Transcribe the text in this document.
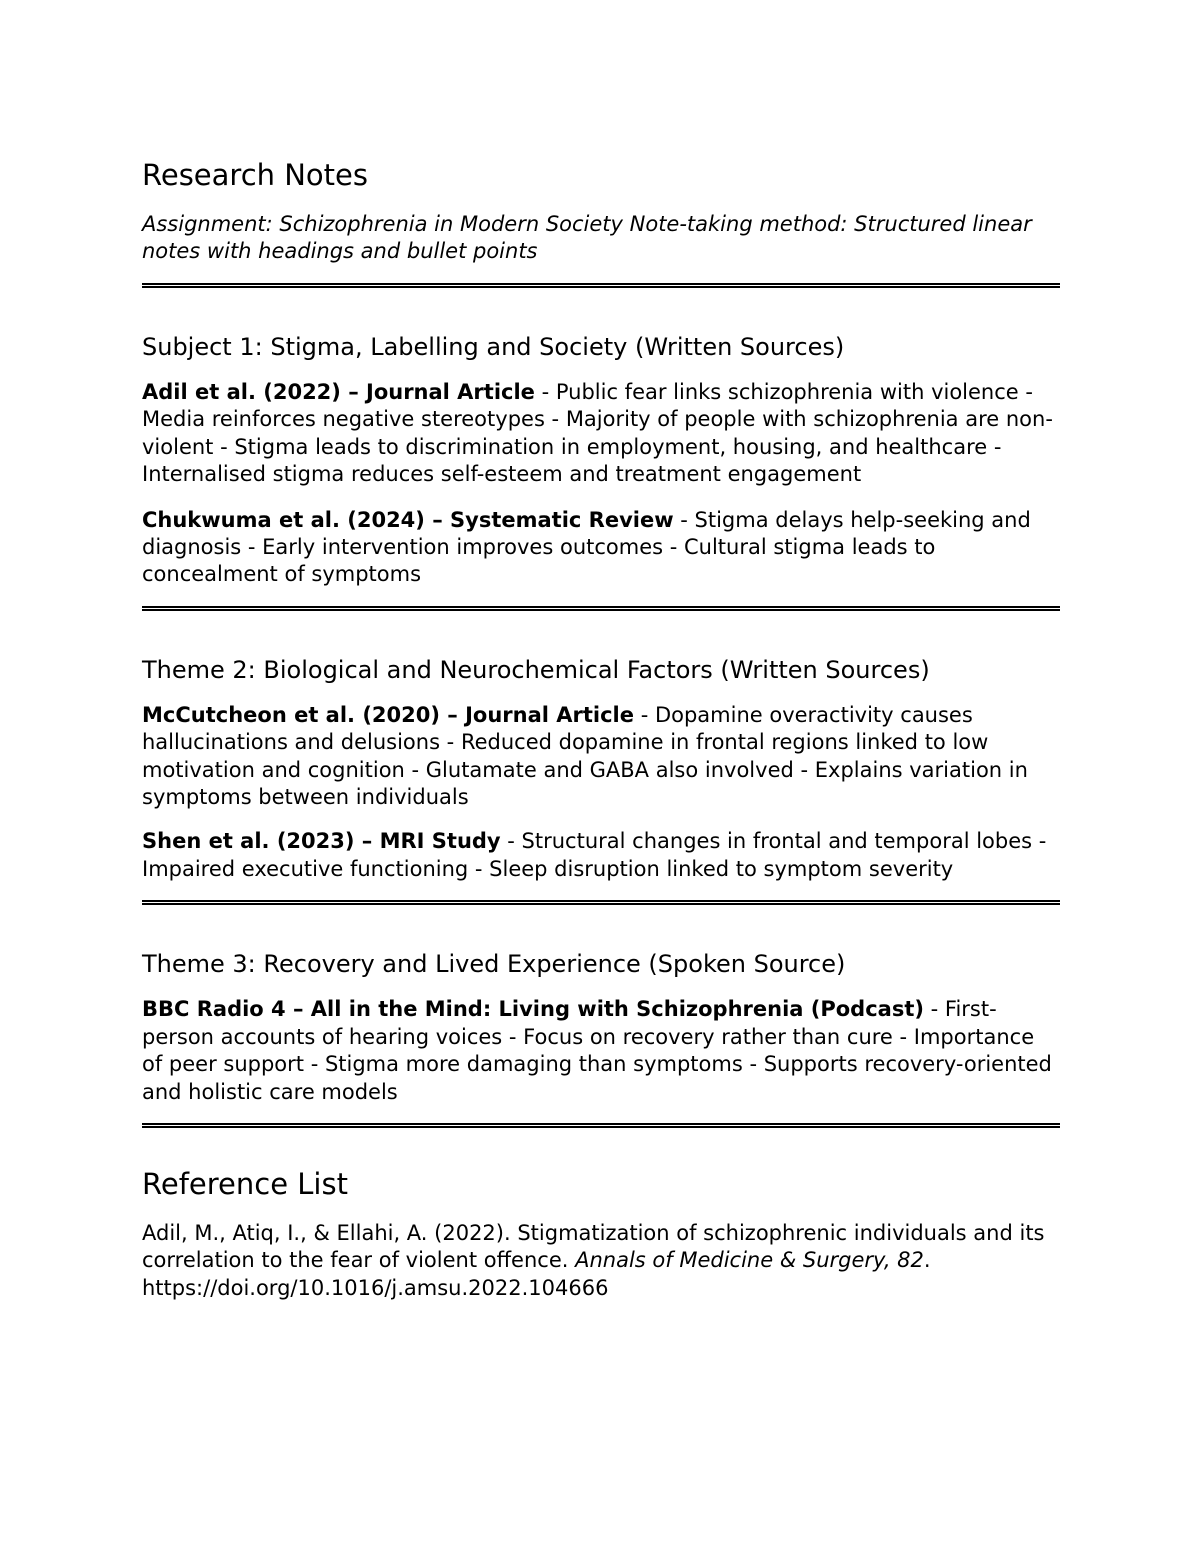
Research Notes

Assignment: Schizophrenia in Modern Society Note-taking method: Structured linear notes with headings and bullet points

Subject 1: Stigma, Labelling and Society (Written Sources)

Adil et al. (2022) – Journal Article - Public fear links schizophrenia with violence - Media reinforces negative stereotypes - Majority of people with schizophrenia are non-violent - Stigma leads to discrimination in employment, housing, and healthcare - Internalised stigma reduces self-esteem and treatment engagement

Chukwuma et al. (2024) – Systematic Review - Stigma delays help-seeking and diagnosis - Early intervention improves outcomes - Cultural stigma leads to concealment of symptoms

Theme 2: Biological and Neurochemical Factors (Written Sources)

McCutcheon et al. (2020) – Journal Article - Dopamine overactivity causes hallucinations and delusions - Reduced dopamine in frontal regions linked to low motivation and cognition - Glutamate and GABA also involved - Explains variation in symptoms between individuals

Shen et al. (2023) – MRI Study - Structural changes in frontal and temporal lobes - Impaired executive functioning - Sleep disruption linked to symptom severity

Theme 3: Recovery and Lived Experience (Spoken Source)

BBC Radio 4 – All in the Mind: Living with Schizophrenia (Podcast) - First-person accounts of hearing voices - Focus on recovery rather than cure - Importance of peer support - Stigma more damaging than symptoms - Supports recovery-oriented and holistic care models

Reference List

Adil, M., Atiq, I., & Ellahi, A. (2022). Stigmatization of schizophrenic individuals and its correlation to the fear of violent offence. Annals of Medicine & Surgery, 82. https://doi.org/10.1016/j.amsu.2022.104666
